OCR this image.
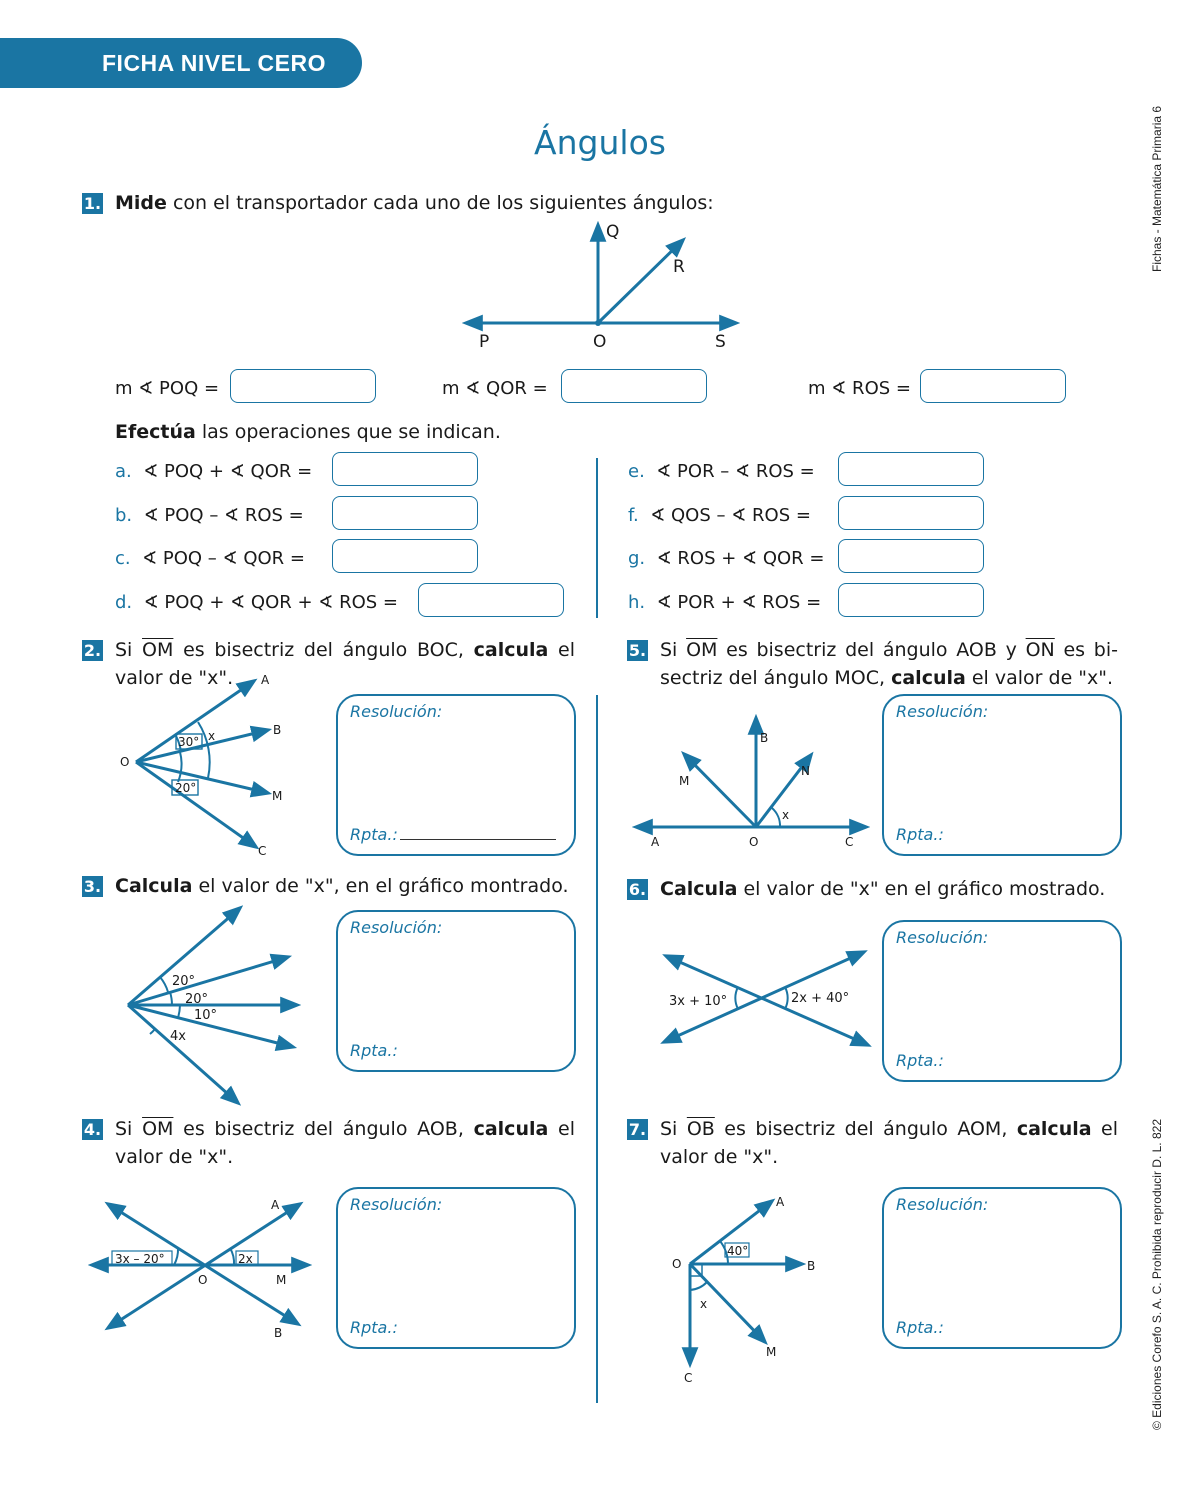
FICHA NIVEL CERO
Ángulos	Fichas - Matemática Primaria 6
© Ediciones Corefo S. A. C. Prohibida reproducir D. L. 822
1. Mide con el transportador cada uno de los siguientes ángulos:
Q
R
P	O	S
m ∢ POQ =	m ∢ QOR =	m ∢ ROS =
Efectúa las operaciones que se indican.
a. ∢ POQ + ∢ QOR =
b. ∢ POQ – ∢ ROS =
c. ∢ POQ – ∢ QOR =
d. ∢ POQ + ∢ QOR + ∢ ROS =
e. ∢ POR – ∢ ROS =
f. ∢ QOS – ∢ ROS =
g. ∢ ROS + ∢ QOR =
h. ∢ POR + ∢ ROS =
2. Si $\overline{OM}$ es bisectriz del ángulo BOC, calcula el
valor de "x". A
B
O
M
C
30° x
20°
Resolución:
Rpta.:
3. Calcula el valor de "x", en el gráfico montrado.
20°
20°
10°
4x
Resolución:
Rpta.:
4. Si $\overline{OM}$ es bisectriz del ángulo AOB, calcula el
valor de "x".
A
O	M
B
3x – 20°	2x
Resolución:
Rpta.:
5. Si $\overline{OM}$ es bisectriz del ángulo AOB y $\overline{ON}$ es bi-
sectriz del ángulo MOC, calcula el valor de "x".
B
M
N
x
A	O	C
Resolución:
Rpta.:
6. Calcula el valor de "x" en el gráfico mostrado.
3x + 10°	2x + 40°
Resolución:
Rpta.:
7. Si $\overline{OB}$ es bisectriz del ángulo AOM, calcula el
valor de "x".
A
O
40°
B
x
M
C
Resolución:
Rpta.:
